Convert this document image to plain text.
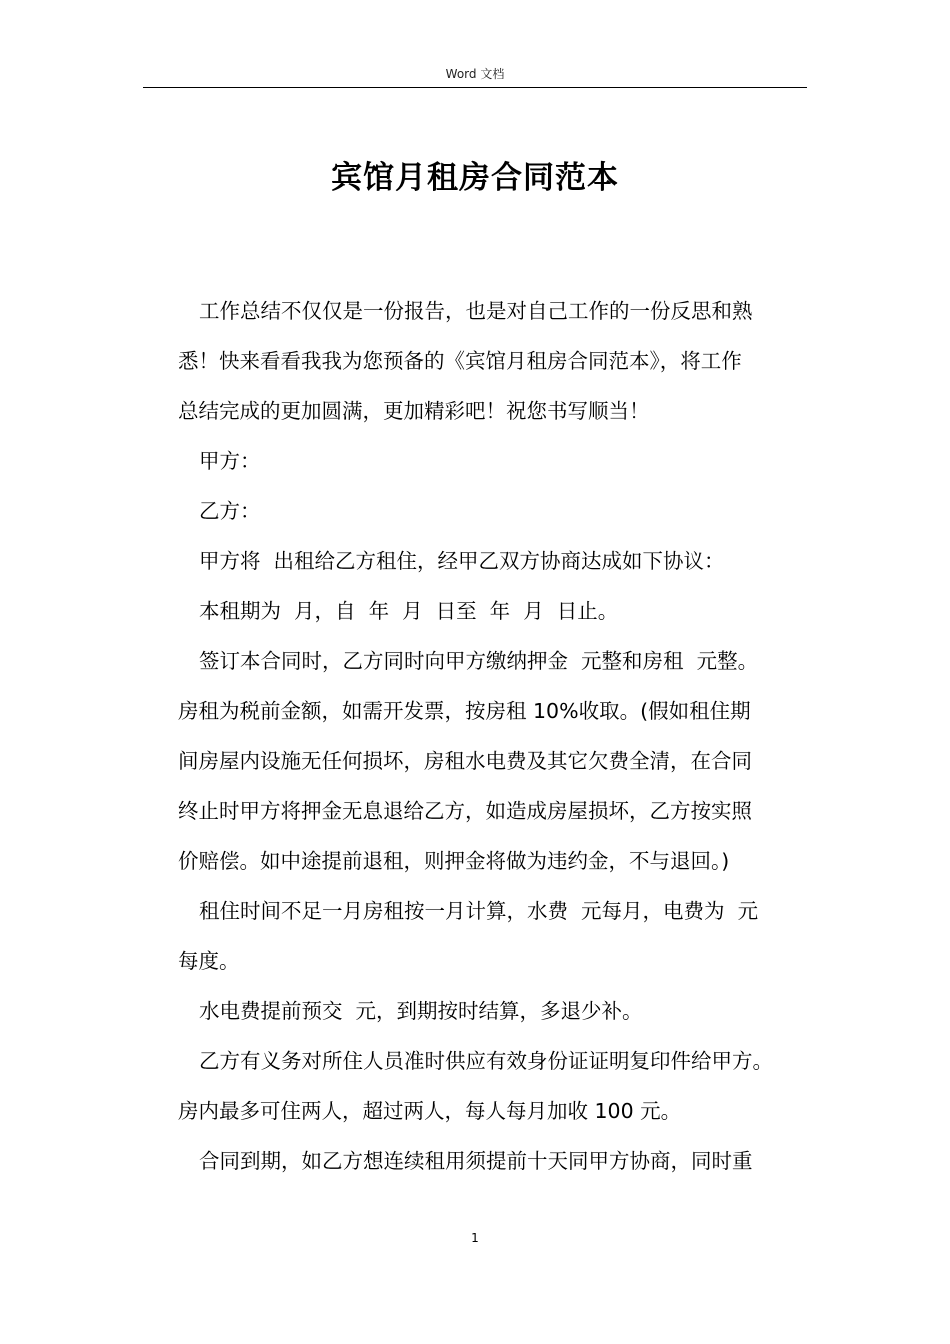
Word 文档
宾馆月租房合同范本

工作总结不仅仅是一份报告，也是对自己工作的一份反思和熟
悉！快来看看我我为您预备的《宾馆月租房合同范本》，将工作
总结完成的更加圆满，更加精彩吧！祝您书写顺当！

甲方：

乙方：

甲方将  出租给乙方租住，经甲乙双方协商达成如下协议：

本租期为  月，自  年  月  日至  年  月  日止。

签订本合同时，乙方同时向甲方缴纳押金  元整和房租  元整。
房租为税前金额，如需开发票，按房租 10%收取。(假如租住期
间房屋内设施无任何损坏，房租水电费及其它欠费全清，在合同
终止时甲方将押金无息退给乙方，如造成房屋损坏，乙方按实照
价赔偿。如中途提前退租，则押金将做为违约金，不与退回。)

租住时间不足一月房租按一月计算，水费  元每月，电费为  元
每度。

水电费提前预交  元，到期按时结算，多退少补。

乙方有义务对所住人员准时供应有效身份证证明复印件给甲方。
房内最多可住两人，超过两人，每人每月加收 100 元。

合同到期，如乙方想连续租用须提前十天同甲方协商，同时重

1
